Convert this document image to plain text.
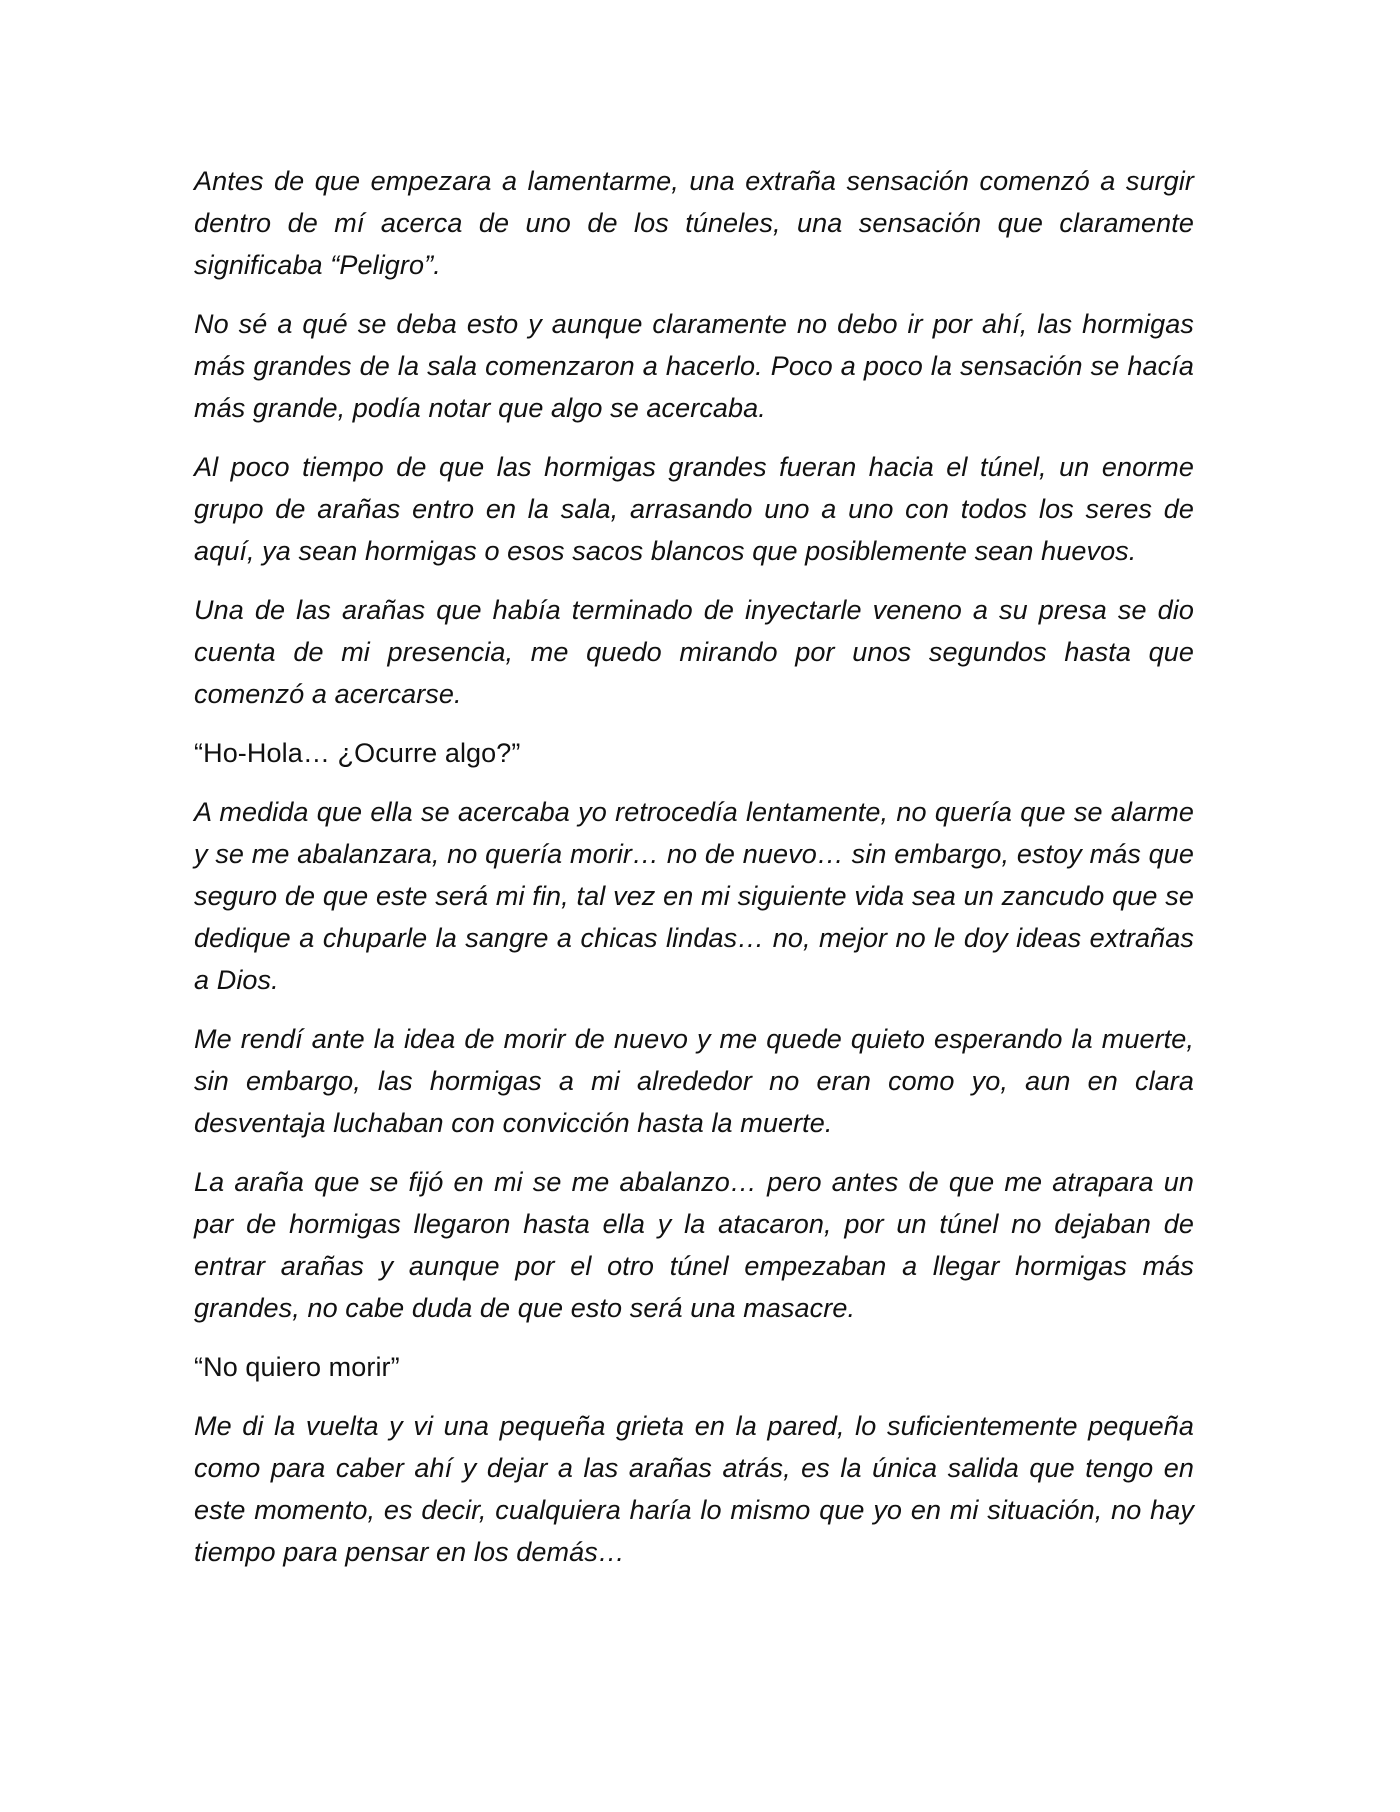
Antes de que empezara a lamentarme, una extraña sensación comenzó a surgir dentro de mí acerca de uno de los túneles, una sensación que claramente significaba “Peligro”.

No sé a qué se deba esto y aunque claramente no debo ir por ahí, las hormigas más grandes de la sala comenzaron a hacerlo. Poco a poco la sensación se hacía más grande, podía notar que algo se acercaba.

Al poco tiempo de que las hormigas grandes fueran hacia el túnel, un enorme grupo de arañas entro en la sala, arrasando uno a uno con todos los seres de aquí, ya sean hormigas o esos sacos blancos que posiblemente sean huevos.

Una de las arañas que había terminado de inyectarle veneno a su presa se dio cuenta de mi presencia, me quedo mirando por unos segundos hasta que comenzó a acercarse.

“Ho-Hola… ¿Ocurre algo?”

A medida que ella se acercaba yo retrocedía lentamente, no quería que se alarme y se me abalanzara, no quería morir… no de nuevo… sin embargo, estoy más que seguro de que este será mi fin, tal vez en mi siguiente vida sea un zancudo que se dedique a chuparle la sangre a chicas lindas… no, mejor no le doy ideas extrañas a Dios.

Me rendí ante la idea de morir de nuevo y me quede quieto esperando la muerte, sin embargo, las hormigas a mi alrededor no eran como yo, aun en clara desventaja luchaban con convicción hasta la muerte.

La araña que se fijó en mi se me abalanzo… pero antes de que me atrapara un par de hormigas llegaron hasta ella y la atacaron, por un túnel no dejaban de entrar arañas y aunque por el otro túnel empezaban a llegar hormigas más grandes, no cabe duda de que esto será una masacre.

“No quiero morir”

Me di la vuelta y vi una pequeña grieta en la pared, lo suficientemente pequeña como para caber ahí y dejar a las arañas atrás, es la única salida que tengo en este momento, es decir, cualquiera haría lo mismo que yo en mi situación, no hay tiempo para pensar en los demás…
